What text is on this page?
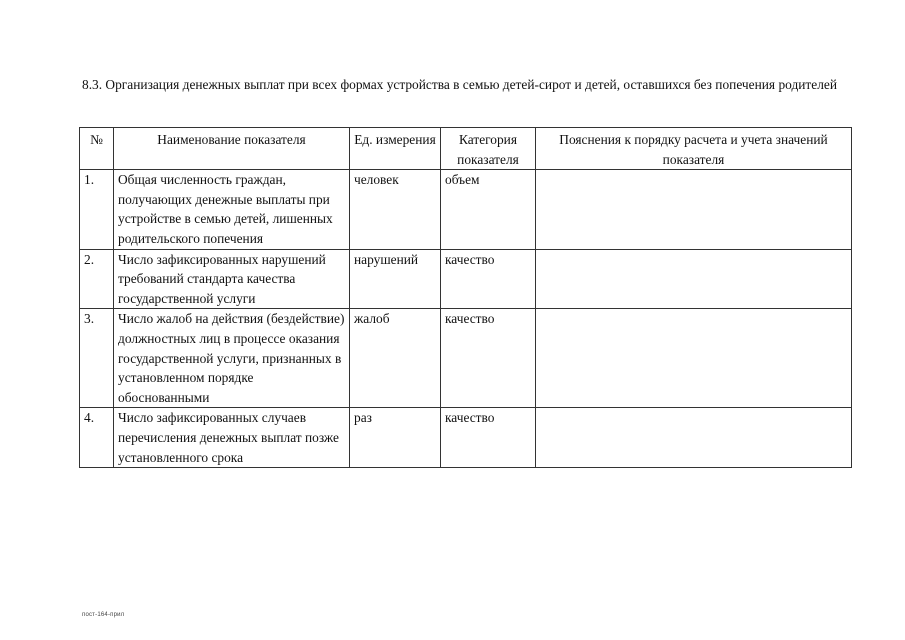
8.3. Организация денежных выплат при всех формах устройства в семью детей-сирот и детей, оставшихся без попечения родителей
№	Наименование показателя	Ед. измерения	Категория показателя	Пояснения к порядку расчета и учета значений
показателя
1.	Общая численность граждан, получающих денежные выплаты при устройстве в семью детей, лишенных родительского попечения	человек	объем	
2.	Число зафиксированных нарушений требований стандарта качества государственной услуги	нарушений	качество	
3.	Число жалоб на действия (бездействие) должностных лиц в процессе оказания государственной услуги, признанных в установленном порядке обоснованными	жалоб	качество	
4.	Число зафиксированных случаев перечисления денежных выплат позже установленного срока	раз	качество	
пост-164-прил
